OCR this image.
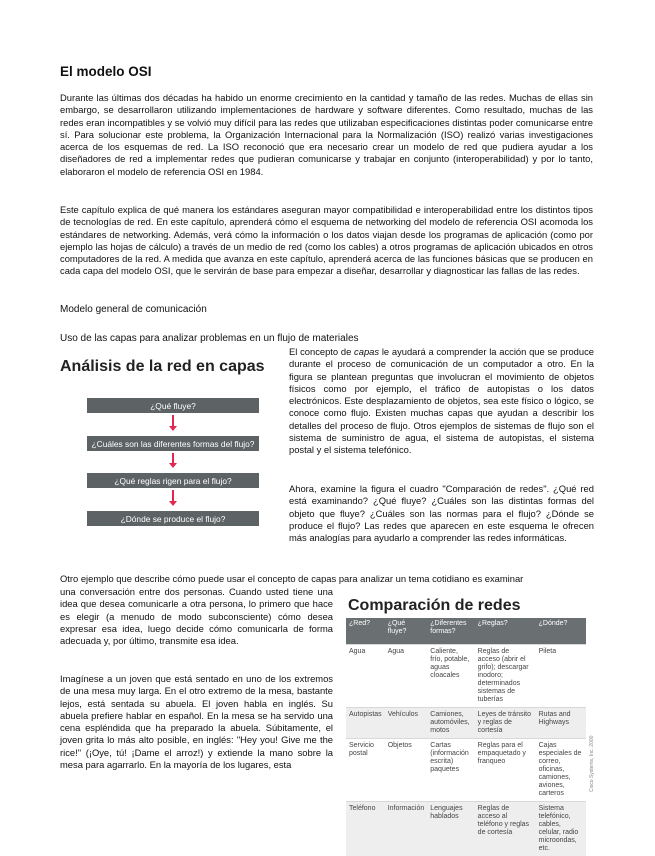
El modelo OSI

Durante las últimas dos décadas ha habido un enorme crecimiento en la cantidad y tamaño de las redes. Muchas de ellas sin embargo, se desarrollaron utilizando implementaciones de hardware y software diferentes. Como resultado, muchas de las redes eran incompatibles y se volvió muy difícil para las redes que utilizaban especificaciones distintas poder comunicarse entre sí. Para solucionar este problema, la Organización Internacional para la Normalización (ISO) realizó varias investigaciones acerca de los esquemas de red. La ISO reconoció que era necesario crear un modelo de red que pudiera ayudar a los diseñadores de red a implementar redes que pudieran comunicarse y trabajar en conjunto (interoperabilidad) y por lo tanto, elaboraron el modelo de referencia OSI en 1984.

Este capítulo explica de qué manera los estándares aseguran mayor compatibilidad e interoperabilidad entre los distintos tipos de tecnologías de red. En este capítulo, aprenderá cómo el esquema de networking del modelo de referencia OSI acomoda los estándares de networking. Además, verá cómo la información o los datos viajan desde los programas de aplicación (como por ejemplo las hojas de cálculo) a través de un medio de red (como los cables) a otros programas de aplicación ubicados en otros computadores de la red. A medida que avanza en este capítulo, aprenderá acerca de las funciones básicas que se producen en cada capa del modelo OSI, que le servirán de base para empezar a diseñar, desarrollar y diagnosticar las fallas de las redes.

Modelo general de comunicación

Uso de las capas para analizar problemas en un flujo de materiales

Análisis de la red en capas

¿Qué fluye?
¿Cuáles son las diferentes formas del flujo?
¿Qué reglas rigen para el flujo?
¿Dónde se produce el flujo?

El concepto de capas le ayudará a comprender la acción que se produce durante el proceso de comunicación de un computador a otro. En la figura se plantean preguntas que involucran el movimiento de objetos físicos como por ejemplo, el tráfico de autopistas o los datos electrónicos. Este desplazamiento de objetos, sea este físico o lógico, se conoce como flujo. Existen muchas capas que ayudan a describir los detalles del proceso de flujo. Otros ejemplos de sistemas de flujo son el sistema de suministro de agua, el sistema de autopistas, el sistema postal y el sistema telefónico.

Ahora, examine la figura el cuadro "Comparación de redes". ¿Qué red está examinando? ¿Qué fluye? ¿Cuáles son las distintas formas del objeto que fluye? ¿Cuáles son las normas para el flujo? ¿Dónde se produce el flujo? Las redes que aparecen en este esquema le ofrecen más analogías para ayudarlo a comprender las redes informáticas.

Otro ejemplo que describe cómo puede usar el concepto de capas para analizar un tema cotidiano es examinar

una conversación entre dos personas. Cuando usted tiene una idea que desea comunicarle a otra persona, lo primero que hace es elegir (a menudo de modo subconsciente) cómo desea expresar esa idea, luego decide cómo comunicarla de forma adecuada y, por último, transmite esa idea.

Imagínese a un joven que está sentado en uno de los extremos de una mesa muy larga. En el otro extremo de la mesa, bastante lejos, está sentada su abuela. El joven habla en inglés. Su abuela prefiere hablar en español. En la mesa se ha servido una cena espléndida que ha preparado la abuela. Súbitamente, el joven grita lo más alto posible, en inglés: "Hey you! Give me the rice!" (¡Oye, tú! ¡Dame el arroz!) y extiende la mano sobre la mesa para agarrarlo. En la mayoría de los lugares, esta

Comparación de redes

¿Red?	¿Qué fluye?	¿Diferentes formas?	¿Reglas?	¿Dónde?
Agua	Agua	Caliente, frío, potable, aguas cloacales	Reglas de acceso (abrir el grifo); descargar inodoro; determinados sistemas de tuberías	Pileta
Autopistas	Vehículos	Camiones, automóviles, motos	Leyes de tránsito y reglas de cortesía	Rutas and Highways
Servicio postal	Objetos	Cartas (información escrita) paquetes	Reglas para el empaquetado y franqueo	Cajas especiales de correo, oficinas, camiones, aviones, carteros
Teléfono	Información	Lenguajes hablados	Reglas de acceso al teléfono y reglas de cortesía	Sistema telefónico, cables, celular, radio microondas, etc.
Cisco Systems, Inc. 2000
